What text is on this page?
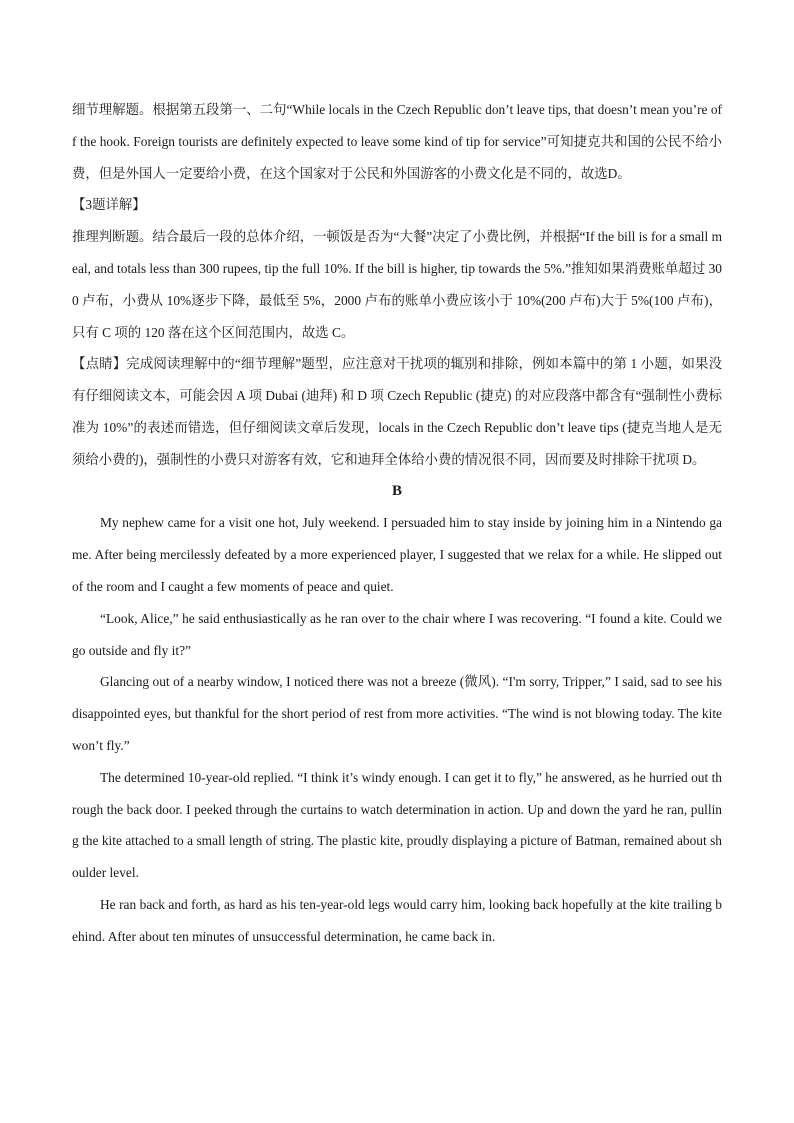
细节理解题。根据第五段第一、二句“While locals in the Czech Republic don’t leave tips, that doesn’t mean you’re off the hook. Foreign tourists are definitely expected to leave some kind of tip for service”可知捷克共和国的公民不给小费，但是外国人一定要给小费，在这个国家对于公民和外国游客的小费文化是不同的，故选D。

【3题详解】

推理判断题。结合最后一段的总体介绍，一顿饭是否为“大餐”决定了小费比例，并根据“If the bill is for a small meal, and totals less than 300 rupees, tip the full 10%. If the bill is higher, tip towards the 5%.”推知如果消费账单超过 300 卢布，小费从 10%逐步下降，最低至 5%，2000 卢布的账单小费应该小于 10%(200 卢布)大于 5%(100 卢布)，只有 C 项的 120 落在这个区间范围内，故选 C。

【点睛】完成阅读理解中的“细节理解”题型，应注意对干扰项的辄别和排除，例如本篇中的第 1 小题，如果没有仔细阅读文本，可能会因 A 项 Dubai (迪拜) 和 D 项 Czech Republic (捷克) 的对应段落中都含有“强制性小费标准为 10%”的表述而错选，但仔细阅读文章后发现，locals in the Czech Republic don’t leave tips (捷克当地人是无须给小费的)，强制性的小费只对游客有效，它和迪拜全体给小费的情况很不同，因而要及时排除干扰项 D。

B

My nephew came for a visit one hot, July weekend. I persuaded him to stay inside by joining him in a Nintendo game. After being mercilessly defeated by a more experienced player, I suggested that we relax for a while. He slipped out of the room and I caught a few moments of peace and quiet.

“Look, Alice,” he said enthusiastically as he ran over to the chair where I was recovering. “I found a kite. Could we go outside and fly it?”

Glancing out of a nearby window, I noticed there was not a breeze (微风). “I'm sorry, Tripper,” I said, sad to see his disappointed eyes, but thankful for the short period of rest from more activities. “The wind is not blowing today. The kite won’t fly.”

The determined 10-year-old replied. “I think it’s windy enough. I can get it to fly,” he answered, as he hurried out through the back door. I peeked through the curtains to watch determination in action. Up and down the yard he ran, pulling the kite attached to a small length of string. The plastic kite, proudly displaying a picture of Batman, remained about shoulder level.

He ran back and forth, as hard as his ten-year-old legs would carry him, looking back hopefully at the kite trailing behind. After about ten minutes of unsuccessful determination, he came back in.
